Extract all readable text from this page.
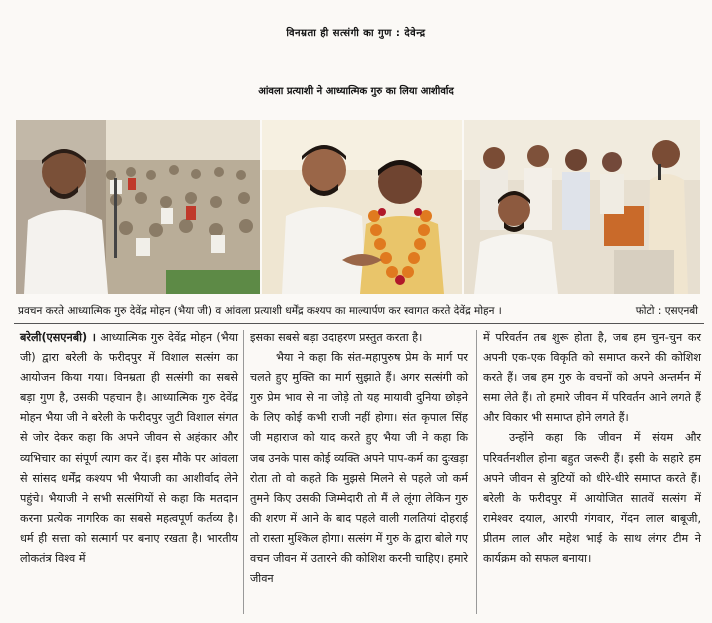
विनम्रता ही सत्संगी का गुण : देवेन्द्र
आंवला प्रत्याशी ने आध्यात्मिक गुरु का लिया आशीर्वाद
प्रवचन करते आध्यात्मिक गुरु देवेंद्र मोहन (भैया जी) व आंवला प्रत्याशी धर्मेंद्र कश्यप का माल्यार्पण कर स्वागत करते देवेंद्र मोहन ।	फोटो : एसएनबी

बरेली(एसएनबी) । आध्यात्मिक गुरु देवेंद्र मोहन (भैया जी) द्वारा बरेली के फरीदपुर में विशाल सत्संग का आयोजन किया गया। विनम्रता ही सत्संगी का सबसे बड़ा गुण है, उसकी पहचान है। आध्यात्मिक गुरु देवेंद्र मोहन भैया जी ने बरेली के फरीदपुर जुटी विशाल संगत से जोर देकर कहा कि अपने जीवन से अहंकार और व्यभिचार का संपूर्ण त्याग कर दें। इस मौके पर आंवला से सांसद धर्मेंद्र कश्यप भी भैयाजी का आशीर्वाद लेने पहुंचे। भैयाजी ने सभी सत्संगियों से कहा कि मतदान करना प्रत्येक नागरिक का सबसे महत्वपूर्ण कर्तव्य है। धर्म ही सत्ता को सत्मार्ग पर बनाए रखता है। भारतीय लोकतंत्र विश्व में

इसका सबसे बड़ा उदाहरण प्रस्तुत करता है।

भैया ने कहा कि संत-महापुरुष प्रेम के मार्ग पर चलते हुए मुक्ति का मार्ग सुझाते हैं। अगर सत्संगी को गुरु प्रेम भाव से ना जोड़े तो यह मायावी दुनिया छोड़ने के लिए कोई कभी राजी नहीं होगा। संत कृपाल सिंह जी महाराज को याद करते हुए भैया जी ने कहा कि जब उनके पास कोई व्यक्ति अपने पाप-कर्म का दुःखड़ा रोता तो वो कहते कि मुझसे मिलने से पहले जो कर्म तुमने किए उसकी जिम्मेदारी तो मैं ले लूंगा लेकिन गुरु की शरण में आने के बाद पहले वाली गलतियां दोहराई तो रास्ता मुश्किल होगा। सत्संग में गुरु के द्वारा बोले गए वचन जीवन में उतारने की कोशिश करनी चाहिए। हमारे जीवन

में परिवर्तन तब शुरू होता है, जब हम चुन-चुन कर अपनी एक-एक विकृति को समाप्त करने की कोशिश करते हैं। जब हम गुरु के वचनों को अपने अन्तर्मन में समा लेते हैं। तो हमारे जीवन में परिवर्तन आने लगते हैं और विकार भी समाप्त होने लगते हैं।

उन्होंने कहा कि जीवन में संयम और परिवर्तनशील होना बहुत जरूरी हैं। इसी के सहारे हम अपने जीवन से त्रुटियों को धीरे-धीरे समाप्त करते हैं। बरेली के फरीदपुर में आयोजित सातवें सत्संग में रामेश्वर दयाल, आरपी गंगवार, गेंदन लाल बाबूजी, प्रीतम लाल और महेश भाई के साथ लंगर टीम ने कार्यक्रम को सफल बनाया।
